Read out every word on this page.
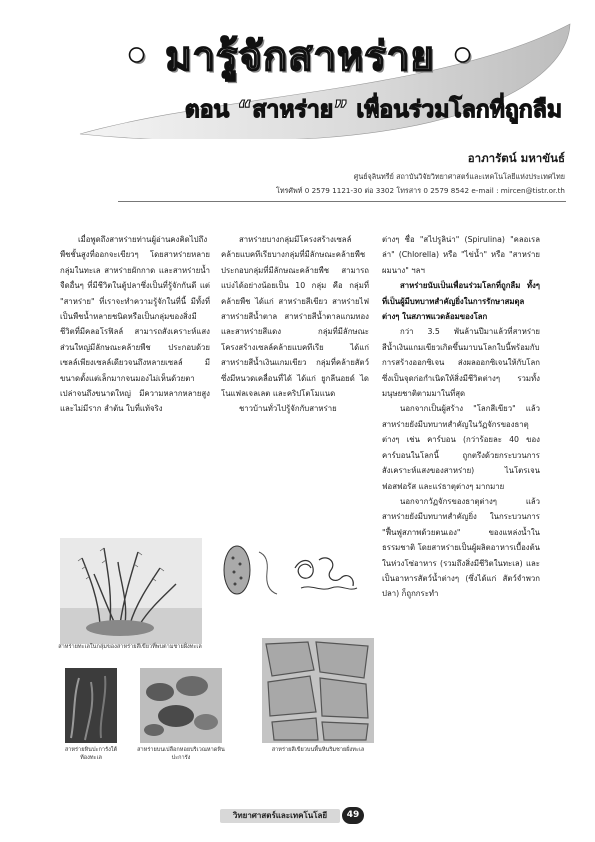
• มารู้จักสาหร่าย •
ตอน “สาหร่าย” เพื่อนร่วมโลกที่ถูกลืม
อาภารัตน์ มหาขันธ์
ศูนย์จุลินทรีย์ สถาบันวิจัยวิทยาศาสตร์และเทคโนโลยีแห่งประเทศไทย
โทรศัพท์ 0 2579 1121-30 ต่อ 3302 โทรสาร 0 2579 8542 e-mail : mircen@tistr.or.th

เมื่อพูดถึงสาหร่ายท่านผู้อ่านคงคิดไปถึงพืชชั้นสูงที่ออกจะเขียวๆ โดยสาหร่ายหลายกลุ่มในทะเล สาหร่ายผักกาด และสาหร่ายน้ำจืดอื่นๆ ที่มีชีวิตในตู้ปลาซึ่งเป็นที่รู้จักกันดี แต่ "สาหร่าย" ที่เราจะทำความรู้จักในที่นี้ มีทั้งที่เป็นพืชน้ำหลายชนิดหรือเป็นกลุ่มของสิ่งมีชีวิตที่มีคลอโรฟิลล์ สามารถสังเคราะห์แสง ส่วนใหญ่มีลักษณะคล้ายพืช ประกอบด้วยเซลล์เพียงเซลล์เดียวจนถึงหลายเซลล์ มีขนาดตั้งแต่เล็กมากจนมองไม่เห็นด้วยตาเปล่าจนถึงขนาดใหญ่ มีความหลากหลายสูงและไม่มีราก ลำต้น ใบที่แท้จริง

สาหร่ายบางกลุ่มมีโครงสร้างเซลล์คล้ายแบคทีเรียบางกลุ่มที่มีลักษณะคล้ายพืช ประกอบกลุ่มที่มีลักษณะคล้ายพืช สามารถแบ่งได้อย่างน้อยเป็น 10 กลุ่ม คือ กลุ่มที่คล้ายพืช ได้แก่ สาหร่ายสีเขียว สาหร่ายไฟ สาหร่ายสีน้ำตาล สาหร่ายสีน้ำตาลแกมทอง และสาหร่ายสีแดง กลุ่มที่มีลักษณะโครงสร้างเซลล์คล้ายแบคทีเรีย ได้แก่ สาหร่ายสีน้ำเงินแกมเขียว กลุ่มที่คล้ายสัตว์ซึ่งมีหนวดเคลื่อนที่ได้ ได้แก่ ยูกลีนอยด์ ไดโนแฟลเจลเลต และคริปโตโมแนด

ชาวบ้านทั่วไปรู้จักกับสาหร่าย

ต่างๆ ชื่อ "สไปรูลิน่า" (Spirulina) "คลอเรลล่า" (Chlorella) หรือ "ไข่น้ำ" หรือ "สาหร่ายผมนาง" ฯลฯ

สาหร่ายนับเป็นเพื่อนร่วมโลกที่ถูกลืม ทั้งๆ ที่เป็นผู้มีบทบาทสำคัญยิ่งในการรักษาสมดุลต่างๆ ในสภาพแวดล้อมของโลก

กว่า 3.5 พันล้านปีมาแล้วที่สาหร่ายสีน้ำเงินแกมเขียวเกิดขึ้นมาบนโลกใบนี้พร้อมกับการสร้างออกซิเจน ส่งผลออกซิเจนให้กับโลก ซึ่งเป็นจุดก่อกำเนิดให้สิ่งมีชีวิตต่างๆ รวมทั้งมนุษยชาติตามมาในที่สุด

นอกจากเป็นผู้สร้าง "โลกสีเขียว" แล้ว สาหร่ายยังมีบทบาทสำคัญในวัฏจักรของธาตุต่างๆ เช่น คาร์บอน (กว่าร้อยละ 40 ของคาร์บอนในโลกนี้ ถูกตรึงด้วยกระบวนการสังเคราะห์แสงของสาหร่าย) ไนโตรเจน ฟอสฟอรัส และแร่ธาตุต่างๆ มากมาย

นอกจากวัฏจักรของธาตุต่างๆ แล้ว สาหร่ายยังมีบทบาทสำคัญยิ่ง ในกระบวนการ "ฟื้นฟูสภาพด้วยตนเอง" ของแหล่งน้ำในธรรมชาติ โดยสาหร่ายเป็นผู้ผลิตอาหารเบื้องต้นในห่วงโซ่อาหาร (รวมถึงสิ่งมีชีวิตในทะเล) และเป็นอาหารสัตว์น้ำต่างๆ (ซึ่งได้แก่ สัตว์จำพวกปลา) ก็ถูกกระทำ

สาหร่ายทะเลในกลุ่มของสาหร่ายสีเขียวที่พบตามชายฝั่งทะเล
สาหร่ายหินปะการังใต้ท้องทะเล
สาหร่ายบนเปลือกหอยบริเวณหาดหินปะการัง
สาหร่ายสีเขียวบนพื้นหินริมชายฝั่งทะเล
วิทยาศาสตร์และเทคโนโลยี	49
